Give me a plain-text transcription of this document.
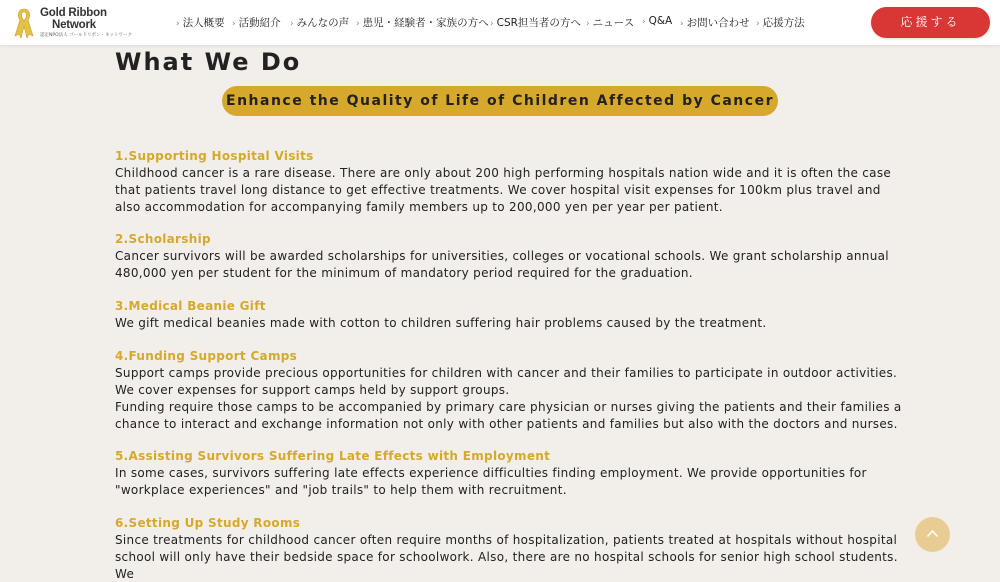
Gold Ribbon
Network
認定NPO法人 ゴールドリボン・ネットワーク
› 法人概要 › 活動紹介 › みんなの声 › 患児・経験者・家族の方へ › CSR担当者の方へ › ニュース › Q&A › お問い合わせ › 応援方法	応援する
What We Do
Enhance the Quality of Life of Children Affected by Cancer
1.Supporting Hospital Visits

Childhood cancer is a rare disease. There are only about 200 high performing hospitals nation wide and it is often the case that patients travel long distance to get effective treatments. We cover hospital visit expenses for 100km plus travel and also accommodation for accompanying family members up to 200,000 yen per year per patient.

2.Scholarship

Cancer survivors will be awarded scholarships for universities, colleges or vocational schools. We grant scholarship annual 480,000 yen per student for the minimum of mandatory period required for the graduation.

3.Medical Beanie Gift

We gift medical beanies made with cotton to children suffering hair problems caused by the treatment.

4.Funding Support Camps

Support camps provide precious opportunities for children with cancer and their families to participate in outdoor activities. We cover expenses for support camps held by support groups.

Funding require those camps to be accompanied by primary care physician or nurses giving the patients and their families a chance to interact and exchange information not only with other patients and families but also with the doctors and nurses.

5.Assisting Survivors Suffering Late Effects with Employment

In some cases, survivors suffering late effects experience difficulties finding employment. We provide opportunities for "workplace experiences" and "job trails" to help them with recruitment.

6.Setting Up Study Rooms

Since treatments for childhood cancer often require months of hospitalization, patients treated at hospitals without hospital school will only have their bedside space for schoolwork. Also, there are no hospital schools for senior high school students. We
